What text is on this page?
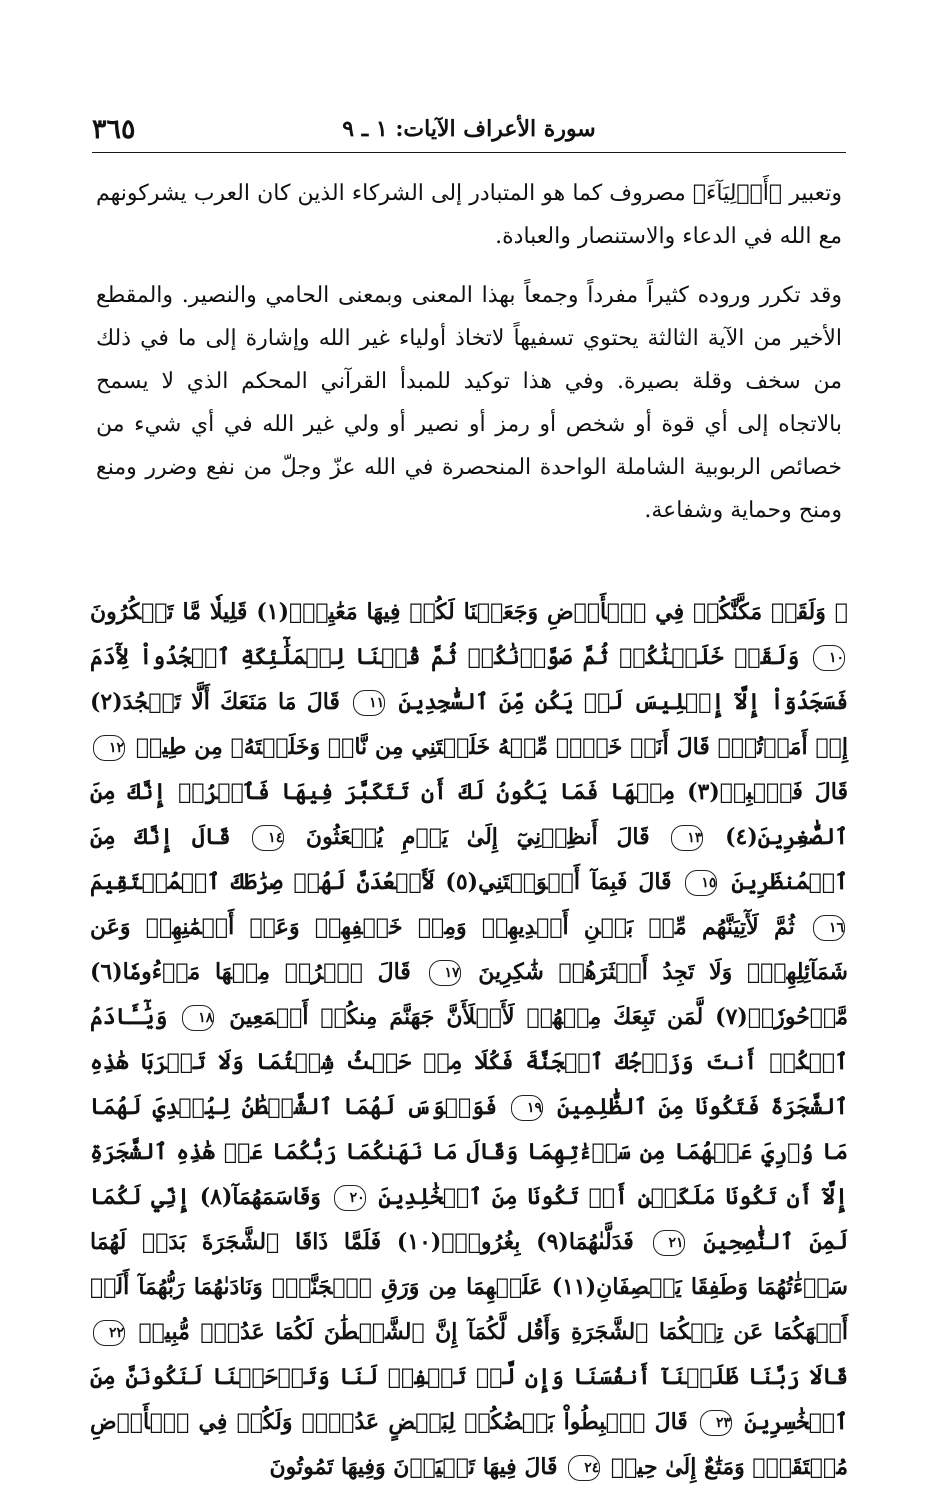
٣٦٥	سورة الأعراف الآيات: ١ ـ ٩

وتعبير ﴿أَوۡلِيَآءَ﴾ مصروف كما هو المتبادر إلى الشركاء الذين كان العرب يشركونهم مع الله في الدعاء والاستنصار والعبادة.

وقد تكرر وروده كثيراً مفرداً وجمعاً بهذا المعنى وبمعنى الحامي والنصير. والمقطع الأخير من الآية الثالثة يحتوي تسفيهاً لاتخاذ أولياء غير الله وإشارة إلى ما في ذلك من سخف وقلة بصيرة. وفي هذا توكيد للمبدأ القرآني المحكم الذي لا يسمح بالاتجاه إلى أي قوة أو شخص أو رمز أو نصير أو ولي غير الله في أي شيء من خصائص الربوبية الشاملة الواحدة المنحصرة في الله عزّ وجلّ من نفع وضرر ومنع ومنح وحماية وشفاعة.

﴿ وَلَقَدۡ مَكَّنَّٰكُمۡ فِي ٱلۡأَرۡضِ وَجَعَلۡنَا لَكُمۡ فِيهَا مَعَٰيِشَۗ(١) قَلِيلٗا مَّا تَشۡكُرُونَ ١٠ وَلَقَدۡ خَلَقۡنَٰكُمۡ ثُمَّ صَوَّرۡنَٰكُمۡ ثُمَّ قُلۡنَا لِلۡمَلَٰٓئِكَةِ ٱسۡجُدُواْ لِأٓدَمَ فَسَجَدُوٓاْ إِلَّآ إِبۡلِيسَ لَمۡ يَكُن مِّنَ ٱلسَّٰجِدِينَ ١١ قَالَ مَا مَنَعَكَ أَلَّا تَسۡجُدَ(٢) إِذۡ أَمَرۡتُكَۖ قَالَ أَنَا۠ خَيۡرٞ مِّنۡهُ خَلَقۡتَنِي مِن نَّارٖ وَخَلَقۡتَهُۥ مِن طِينٖ ١٢ قَالَ فَٱهۡبِطۡ(٣) مِنۡهَا فَمَا يَكُونُ لَكَ أَن تَتَكَبَّرَ فِيهَا فَٱخۡرُجۡ إِنَّكَ مِنَ ٱلصَّٰغِرِينَ(٤) ١٣ قَالَ أَنظِرۡنِيٓ إِلَىٰ يَوۡمِ يُبۡعَثُونَ ١٤ قَالَ إِنَّكَ مِنَ ٱلۡمُنظَرِينَ ١٥ قَالَ فَبِمَآ أَغۡوَيۡتَنِي(٥) لَأَقۡعُدَنَّ لَهُمۡ صِرَٰطَكَ ٱلۡمُسۡتَقِيمَ ١٦ ثُمَّ لَأٓتِيَنَّهُم مِّنۢ بَيۡنِ أَيۡدِيهِمۡ وَمِنۡ خَلۡفِهِمۡ وَعَنۡ أَيۡمَٰنِهِمۡ وَعَن شَمَآئِلِهِمۡۖ وَلَا تَجِدُ أَكۡثَرَهُمۡ شَٰكِرِينَ ١٧ قَالَ ٱخۡرُجۡ مِنۡهَا مَذۡءُومٗا(٦) مَّدۡحُورٗاۖ(٧) لَّمَن تَبِعَكَ مِنۡهُمۡ لَأَمۡلَأَنَّ جَهَنَّمَ مِنكُمۡ أَجۡمَعِينَ ١٨ وَيَٰٓـَٔادَمُ ٱسۡكُنۡ أَنتَ وَزَوۡجُكَ ٱلۡجَنَّةَ فَكُلَا مِنۡ حَيۡثُ شِئۡتُمَا وَلَا تَقۡرَبَا هَٰذِهِ ٱلشَّجَرَةَ فَتَكُونَا مِنَ ٱلظَّٰلِمِينَ ١٩ فَوَسۡوَسَ لَهُمَا ٱلشَّيۡطَٰنُ لِيُبۡدِيَ لَهُمَا مَا وُۥرِيَ عَنۡهُمَا مِن سَوۡءَٰتِهِمَا وَقَالَ مَا نَهَىٰكُمَا رَبُّكُمَا عَنۡ هَٰذِهِ ٱلشَّجَرَةِ إِلَّآ أَن تَكُونَا مَلَكَيۡنِ أَوۡ تَكُونَا مِنَ ٱلۡخَٰلِدِينَ ٢٠ وَقَاسَمَهُمَآ(٨) إِنِّي لَكُمَا لَمِنَ ٱلنَّٰصِحِينَ ٢١ فَدَلَّىٰهُمَا(٩) بِغُرُورٖۚ(١٠) فَلَمَّا ذَاقَا ٱلشَّجَرَةَ بَدَتۡ لَهُمَا سَوۡءَٰتُهُمَا وَطَفِقَا يَخۡصِفَانِ(١١) عَلَيۡهِمَا مِن وَرَقِ ٱلۡجَنَّةِۖ وَنَادَىٰهُمَا رَبُّهُمَآ أَلَمۡ أَنۡهَكُمَا عَن تِلۡكُمَا ٱلشَّجَرَةِ وَأَقُل لَّكُمَآ إِنَّ ٱلشَّيۡطَٰنَ لَكُمَا عَدُوّٞ مُّبِينٞ ٢٢ قَالَا رَبَّنَا ظَلَمۡنَآ أَنفُسَنَا وَإِن لَّمۡ تَغۡفِرۡ لَنَا وَتَرۡحَمۡنَا لَنَكُونَنَّ مِنَ ٱلۡخَٰسِرِينَ ٢٣ قَالَ ٱهۡبِطُواْ بَعۡضُكُمۡ لِبَعۡضٍ عَدُوّٞۖ وَلَكُمۡ فِي ٱلۡأَرۡضِ مُسۡتَقَرّٞ وَمَتَٰعٌ إِلَىٰ حِينٖ ٢٤ قَالَ فِيهَا تَحۡيَوۡنَ وَفِيهَا تَمُوتُونَ
